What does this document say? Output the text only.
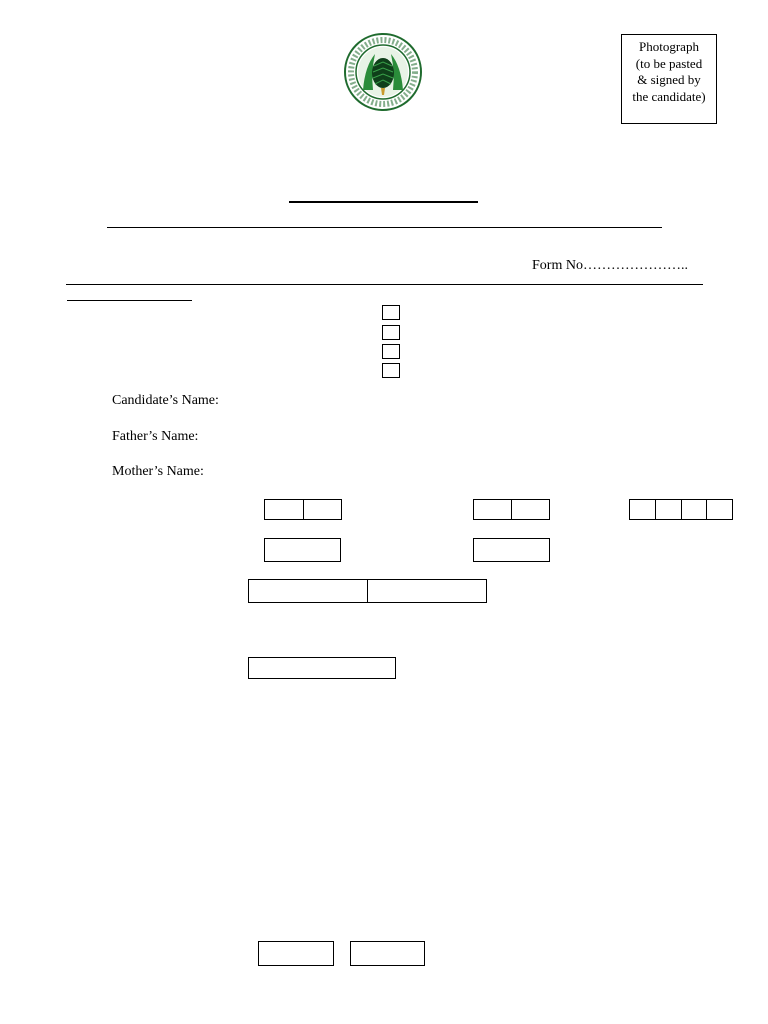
Photograph
(to be pasted
& signed by
the candidate)
Form No…………………..
Candidate’s Name:
Father’s Name:
Mother’s Name:
